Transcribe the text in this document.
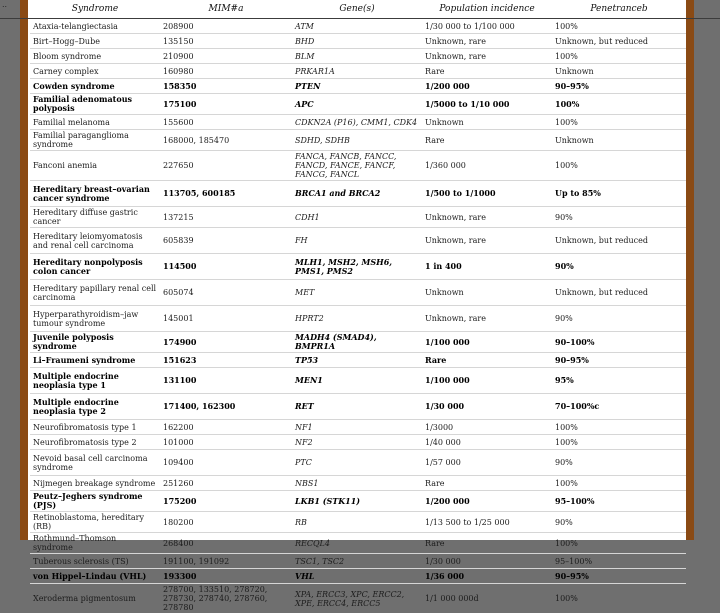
..	Syndrome	MIM#a	Gene(s)	Population incidence	Penetranceb
Ataxia-telangiectasia	208900	ATM	1/30 000 to 1/100 000	100%
Birt–Hogg–Dube	135150	BHD	Unknown, rare	Unknown, but reduced
Bloom syndrome	210900	BLM	Unknown, rare	100%
Carney complex	160980	PRKAR1A	Rare	Unknown
Cowden syndrome	158350	PTEN	1/200 000	90–95%
Familial adenomatous polyposis	175100	APC	1/5000 to 1/10 000	100%
Familial melanoma	155600	CDKN2A (P16), CMM1, CDK4	Unknown	100%
Familial paraganglioma syndrome	168000, 185470	SDHD, SDHB	Rare	Unknown
Fanconi anemia	227650	FANCA, FANCB, FANCC, FANCD, FANCE, FANCF, FANCG, FANCL	1/360 000	100%
Hereditary breast–ovarian cancer syndrome	113705, 600185	BRCA1 and BRCA2	1/500 to 1/1000	Up to 85%
Hereditary diffuse gastric cancer	137215	CDH1	Unknown, rare	90%
Hereditary leiomyomatosis and renal cell carcinoma	605839	FH	Unknown, rare	Unknown, but reduced
Hereditary nonpolyposis colon cancer	114500	MLH1, MSH2, MSH6, PMS1, PMS2	1 in 400	90%
Hereditary papillary renal cell carcinoma	605074	MET	Unknown	Unknown, but reduced
Hyperparathyroidism–jaw tumour syndrome	145001	HPRT2	Unknown, rare	90%
Juvenile polyposis syndrome	174900	MADH4 (SMAD4), BMPR1A	1/100 000	90–100%
Li–Fraumeni syndrome	151623	TP53	Rare	90–95%
Multiple endocrine neoplasia type 1	131100	MEN1	1/100 000	95%
Multiple endocrine neoplasia type 2	171400, 162300	RET	1/30 000	70–100%c
Neurofibromatosis type 1	162200	NF1	1/3000	100%
Neurofibromatosis type 2	101000	NF2	1/40 000	100%
Nevoid basal cell carcinoma syndrome	109400	PTC	1/57 000	90%
Nijmegen breakage syndrome	251260	NBS1	Rare	100%
Peutz–Jeghers syndrome (PJS)	175200	LKB1 (STK11)	1/200 000	95–100%
Retinoblastoma, hereditary (RB)	180200	RB	1/13 500 to 1/25 000	90%
Rothmund–Thomson syndrome	268400	RECQL4	Rare	100%
Tuberous sclerosis (TS)	191100, 191092	TSC1, TSC2	1/30 000	95–100%
von Hippel–Lindau (VHL)	193300	VHL	1/36 000	90–95%
Xeroderma pigmentosum	278700, 133510, 278720, 278730, 278740, 278760, 278780	XPA, ERCC3, XPC, ERCC2, XPE, ERCC4, ERCC5	1/1 000 000d	100%
